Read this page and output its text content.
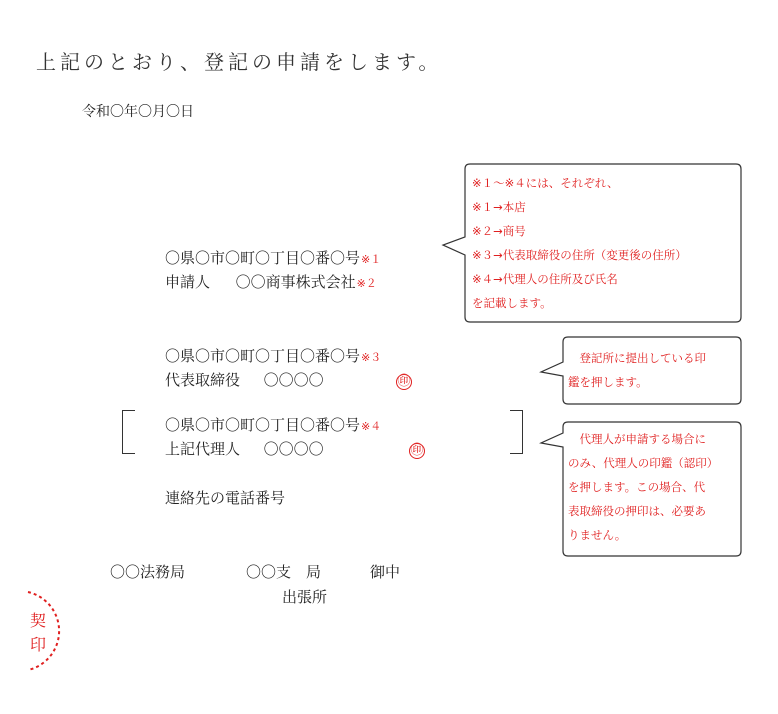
上記のとおり、登記の申請をします。
令和〇年〇月〇日
〇県〇市〇町〇丁目〇番〇号※１
申請人 〇〇商事株式会社※２
〇県〇市〇町〇丁目〇番〇号※３
代表取締役 〇〇〇〇	㊞
〇県〇市〇町〇丁目〇番〇号※４
上記代理人 〇〇〇〇	㊞
連絡先の電話番号
〇〇法務局	〇〇支　局	御中
出張所
契
印
※１～※４には、それぞれ、
※１→本店
※２→商号
※３→代表取締役の住所（変更後の住所）
※４→代理人の住所及び氏名
を記載します。
　登記所に提出している印
鑑を押します。
　代理人が申請する場合に
のみ、代理人の印鑑（認印）
を押します。この場合、代
表取締役の押印は、必要あ
りません。
